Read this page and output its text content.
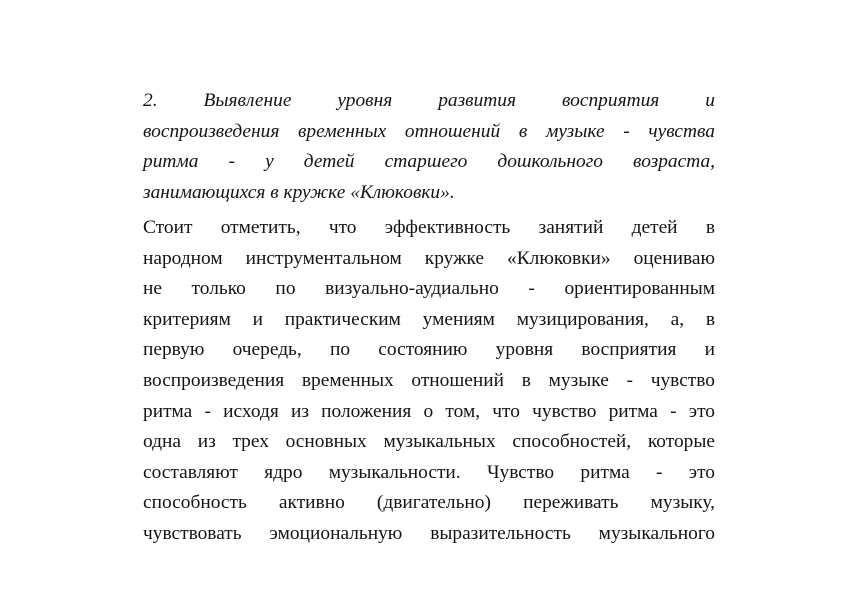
2. Выявление уровня развития восприятия и
воспроизведения временных отношений в музыке - чувства
ритма - у детей старшего дошкольного возраста,
занимающихся в кружке «Клюковки».
Стоит отметить, что эффективность занятий детей в
народном инструментальном кружке «Клюковки» оцениваю
не только по визуально-аудиально - ориентированным
критериям и практическим умениям музицирования, а, в
первую очередь, по состоянию уровня восприятия и
воспроизведения временных отношений в музыке - чувство
ритма - исходя из положения о том, что чувство ритма - это
одна из трех основных музыкальных способностей, которые
составляют ядро музыкальности. Чувство ритма - это
способность активно (двигательно) переживать музыку,
чувствовать эмоциональную выразительность музыкального
